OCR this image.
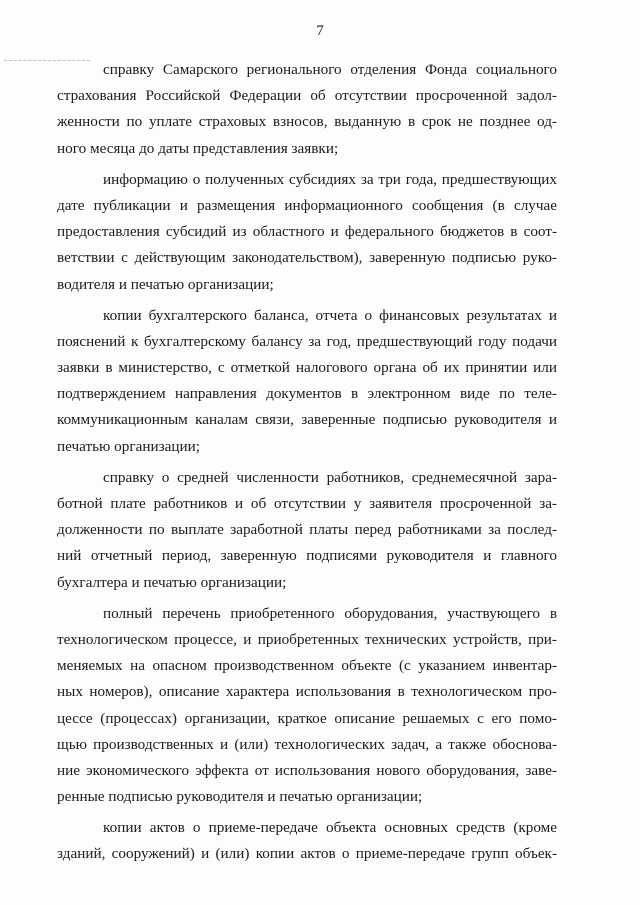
7

справку Самарского регионального отделения Фонда социального
страхования Российской Федерации об отсутствии просроченной задол-
женности по уплате страховых взносов, выданную в срок не позднее од-
ного месяца до даты представления заявки;

информацию о полученных субсидиях за три года, предшествующих
дате публикации и размещения информационного сообщения (в случае
предоставления субсидий из областного и федерального бюджетов в соот-
ветствии с действующим законодательством), заверенную подписью руко-
водителя и печатью организации;

копии бухгалтерского баланса, отчета о финансовых результатах и
пояснений к бухгалтерскому балансу за год, предшествующий году подачи
заявки в министерство, с отметкой налогового органа об их принятии или
подтверждением направления документов в электронном виде по теле-
коммуникационным каналам связи, заверенные подписью руководителя и
печатью организации;

справку о средней численности работников, среднемесячной зара-
ботной плате работников и об отсутствии у заявителя просроченной за-
долженности по выплате заработной платы перед работниками за послед-
ний отчетный период, заверенную подписями руководителя и главного
бухгалтера и печатью организации;

полный перечень приобретенного оборудования, участвующего в
технологическом процессе, и приобретенных технических устройств, при-
меняемых на опасном производственном объекте (с указанием инвентар-
ных номеров), описание характера использования в технологическом про-
цессе (процессах) организации, краткое описание решаемых с его помо-
щью производственных и (или) технологических задач, а также обоснова-
ние экономического эффекта от использования нового оборудования, заве-
ренные подписью руководителя и печатью организации;

копии актов о приеме-передаче объекта основных средств (кроме
зданий, сооружений) и (или) копии актов о приеме-передаче групп объек-
